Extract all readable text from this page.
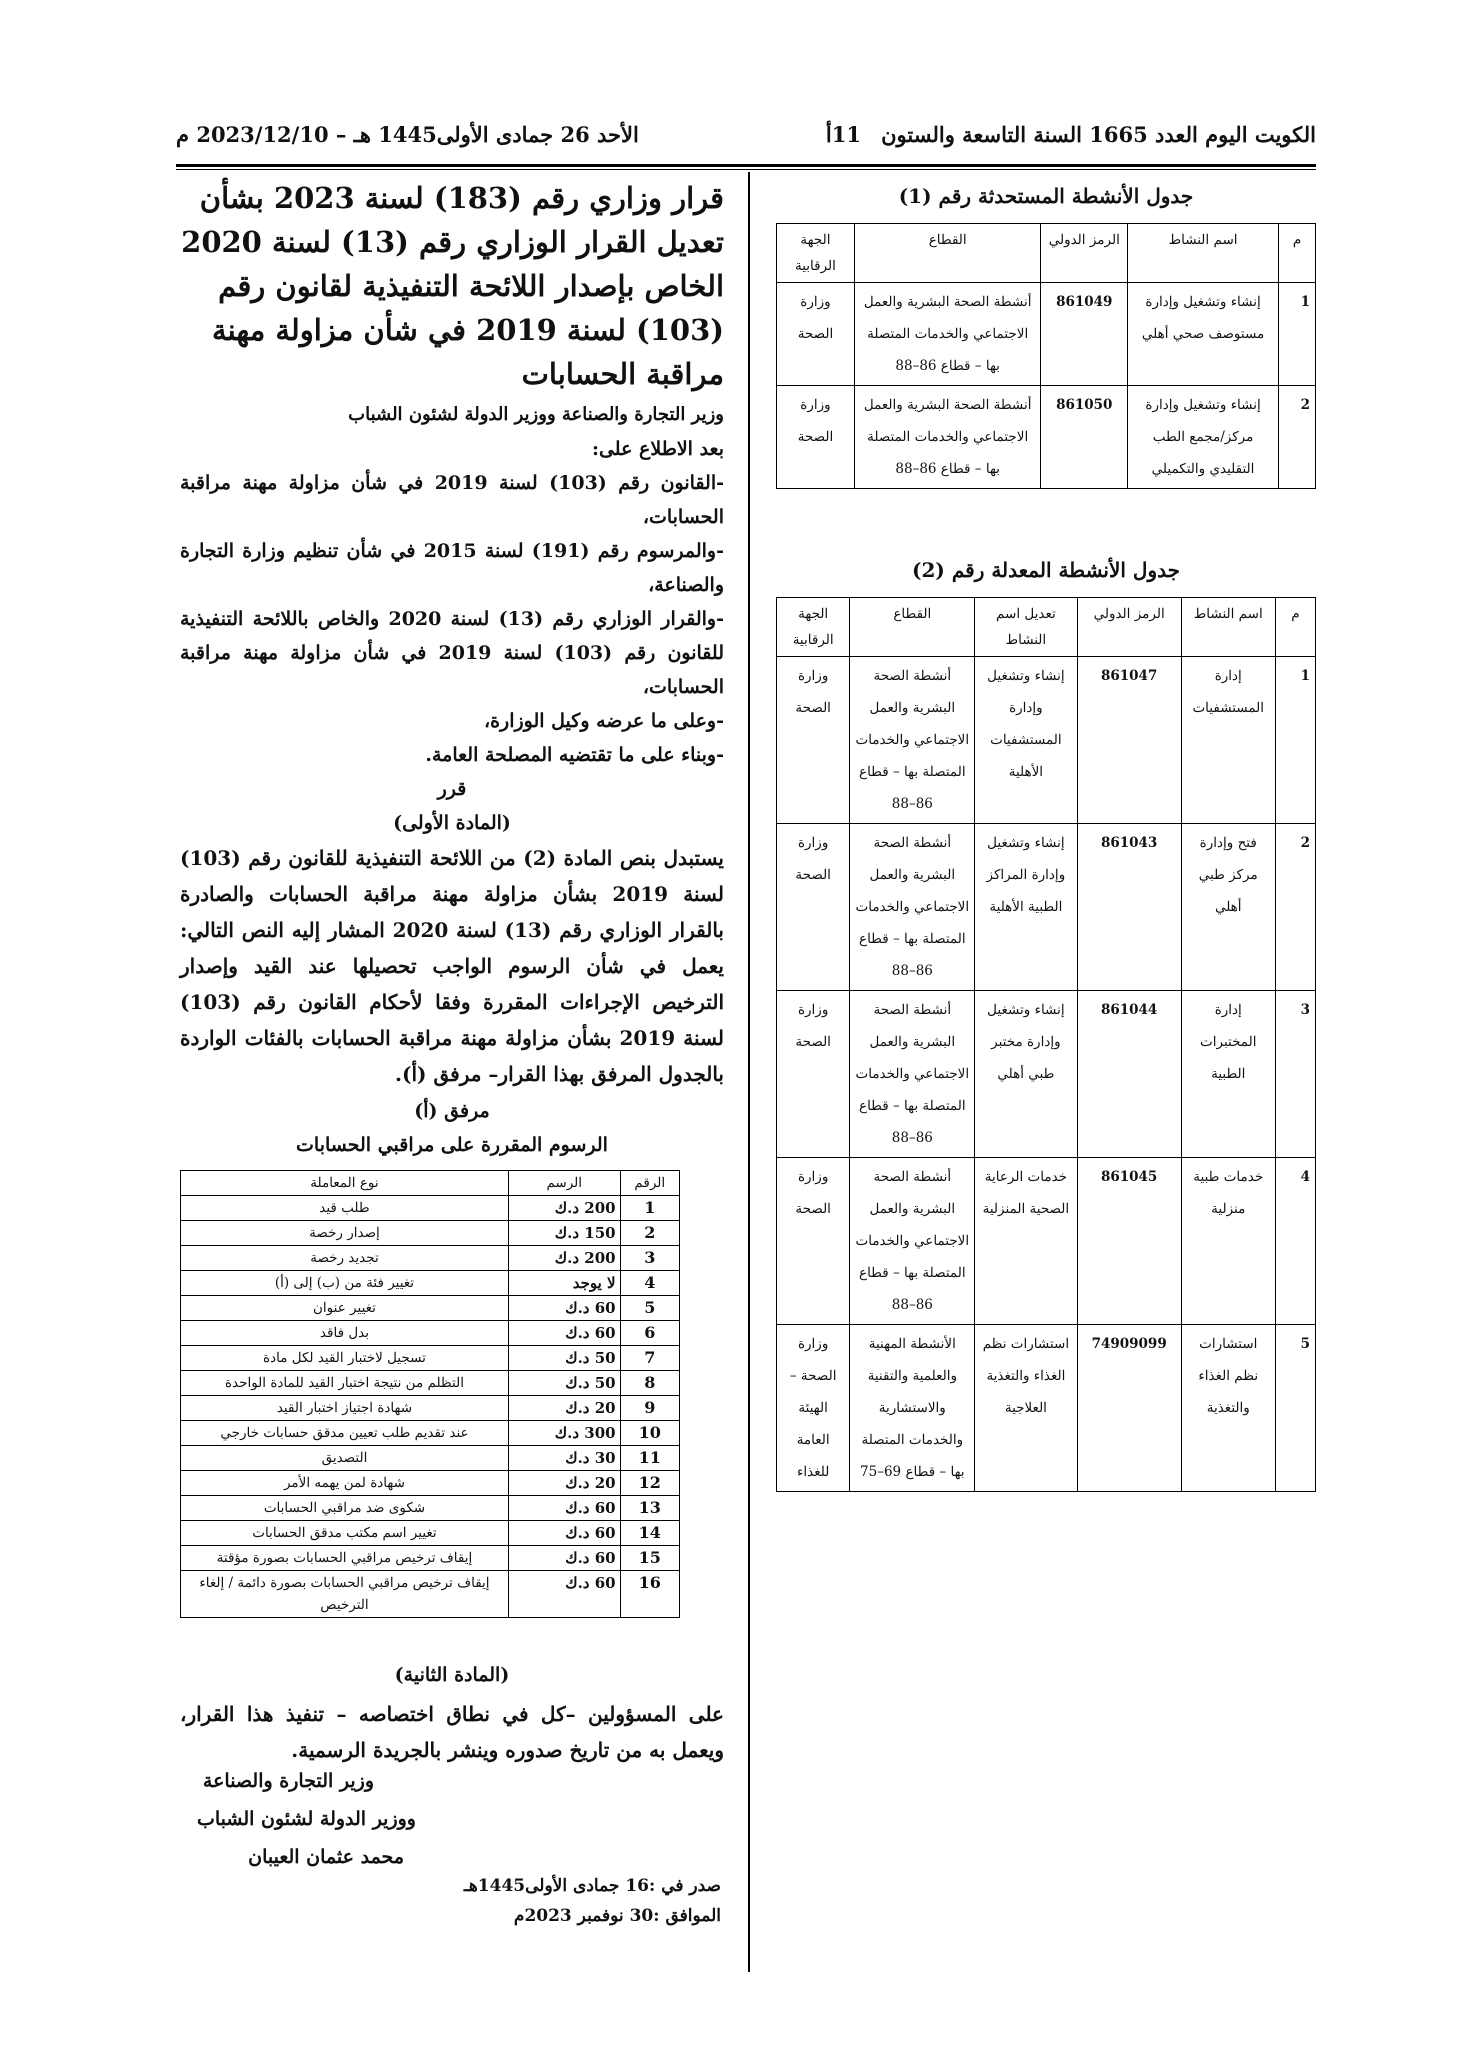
الكويت اليوم العدد 1665 السنة التاسعة والستون
11أ
الأحد 26 جمادى الأولى1445 هـ – 2023/12/10 م
جدول الأنشطة المستحدثة رقم (1)
م	اسم النشاط	الرمز الدولي	القطاع	الجهة الرقابية
1	إنشاء وتشغيل وإدارة مستوصف صحي أهلي	861049	أنشطة الصحة البشرية والعمل الاجتماعي والخدمات المتصلة بها – قطاع 86–88	وزارة الصحة
2	إنشاء وتشغيل وإدارة مركز/مجمع الطب التقليدي والتكميلي	861050	أنشطة الصحة البشرية والعمل الاجتماعي والخدمات المتصلة بها – قطاع 86–88	وزارة الصحة
جدول الأنشطة المعدلة رقم (2)
م	اسم النشاط	الرمز الدولي	تعديل اسم النشاط	القطاع	الجهة الرقابية
1	إدارة المستشفيات	861047	إنشاء وتشغيل وإدارة المستشفيات الأهلية	أنشطة الصحة البشرية والعمل الاجتماعي والخدمات المتصلة بها – قطاع 86–88	وزارة الصحة
2	فتح وإدارة مركز طبي أهلي	861043	إنشاء وتشغيل وإدارة المراكز الطبية الأهلية	أنشطة الصحة البشرية والعمل الاجتماعي والخدمات المتصلة بها – قطاع 86–88	وزارة الصحة
3	إدارة المختبرات الطبية	861044	إنشاء وتشغيل وإدارة مختبر طبي أهلي	أنشطة الصحة البشرية والعمل الاجتماعي والخدمات المتصلة بها – قطاع 86–88	وزارة الصحة
4	خدمات طبية منزلية	861045	خدمات الرعاية الصحية المنزلية	أنشطة الصحة البشرية والعمل الاجتماعي والخدمات المتصلة بها – قطاع 86–88	وزارة الصحة
5	استشارات نظم الغذاء والتغذية	74909099	استشارات نظم الغذاء والتغذية العلاجية	الأنشطة المهنية والعلمية والتقنية والاستشارية والخدمات المتصلة بها – قطاع 69–75	وزارة الصحة – الهيئة العامة للغذاء

قرار وزاري رقم (183) لسنة 2023 بشأن تعديل القرار الوزاري رقم (13) لسنة 2020 الخاص بإصدار اللائحة التنفيذية لقانون رقم (103) لسنة 2019 في شأن مزاولة مهنة مراقبة الحسابات

وزير التجارة والصناعة ووزير الدولة لشئون الشباب

بعد الاطلاع على:

-القانون رقم (103) لسنة 2019 في شأن مزاولة مهنة مراقبة الحسابات،

-والمرسوم رقم (191) لسنة 2015 في شأن تنظيم وزارة التجارة والصناعة،

-والقرار الوزاري رقم (13) لسنة 2020 والخاص باللائحة التنفيذية للقانون رقم (103) لسنة 2019 في شأن مزاولة مهنة مراقبة الحسابات،

-وعلى ما عرضه وكيل الوزارة،

-وبناء على ما تقتضيه المصلحة العامة.

قرر

(المادة الأولى)

يستبدل بنص المادة (2) من اللائحة التنفيذية للقانون رقم (103) لسنة 2019 بشأن مزاولة مهنة مراقبة الحسابات والصادرة بالقرار الوزاري رقم (13) لسنة 2020 المشار إليه النص التالي: يعمل في شأن الرسوم الواجب تحصيلها عند القيد وإصدار الترخيص الإجراءات المقررة وفقا لأحكام القانون رقم (103) لسنة 2019 بشأن مزاولة مهنة مراقبة الحسابات بالفئات الواردة بالجدول المرفق بهذا القرار– مرفق (أ).

مرفق (أ)

الرسوم المقررة على مراقبي الحسابات

الرقم	الرسم	نوع المعاملة
1	200 د.ك	طلب قيد
2	150 د.ك	إصدار رخصة
3	200 د.ك	تجديد رخصة
4	لا يوجد	تغيير فئة من (ب) إلى (أ)
5	60 د.ك	تغيير عنوان
6	60 د.ك	بدل فاقد
7	50 د.ك	تسجيل لاختبار القيد لكل مادة
8	50 د.ك	التظلم من نتيجة اختبار القيد للمادة الواحدة
9	20 د.ك	شهادة اجتياز اختبار القيد
10	300 د.ك	عند تقديم طلب تعيين مدقق حسابات خارجي
11	30 د.ك	التصديق
12	20 د.ك	شهادة لمن يهمه الأمر
13	60 د.ك	شكوى ضد مراقبي الحسابات
14	60 د.ك	تغيير اسم مكتب مدقق الحسابات
15	60 د.ك	إيقاف ترخيص مراقبي الحسابات بصورة مؤقتة
16	60 د.ك	إيقاف ترخيص مراقبي الحسابات بصورة دائمة / إلغاء الترخيص

(المادة الثانية)

على المسؤولين –كل في نطاق اختصاصه – تنفيذ هذا القرار، ويعمل به من تاريخ صدوره وينشر بالجريدة الرسمية.

وزير التجارة والصناعة
ووزير الدولة لشئون الشباب
محمد عثمان العيبان
صدر في :16 جمادى الأولى1445هـ
الموافق :30 نوفمبر 2023م
